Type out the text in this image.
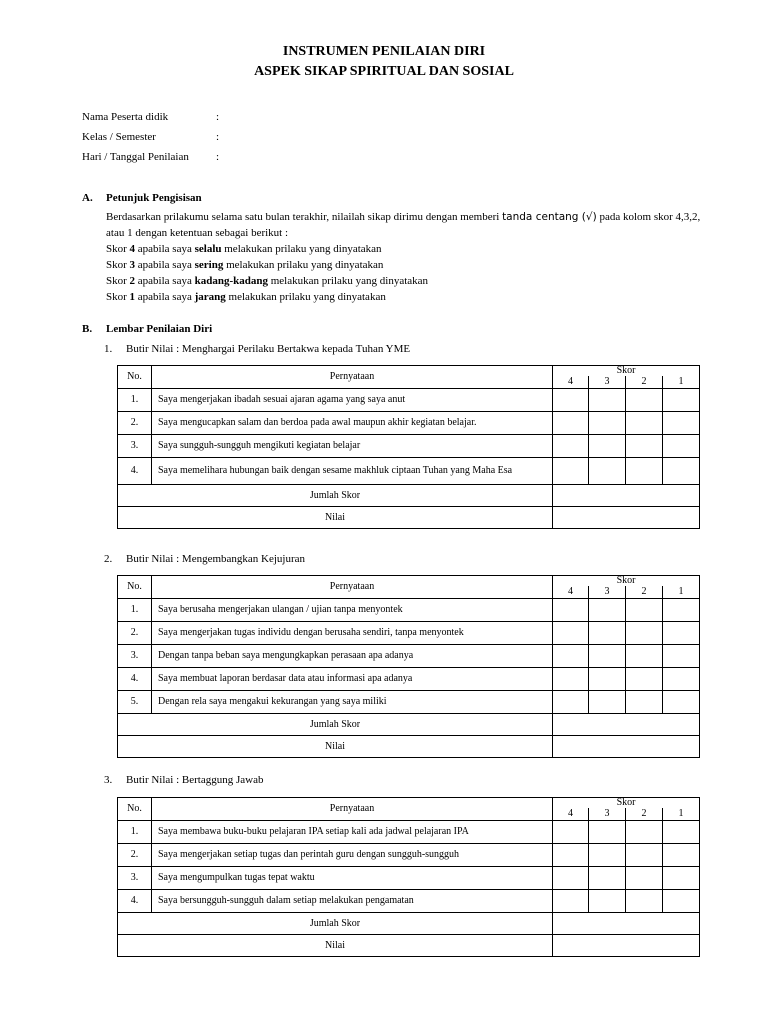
INSTRUMEN PENILAIAN DIRI
ASPEK SIKAP SPIRITUAL DAN SOSIAL
Nama Peserta didik	:
Kelas / Semester	:
Hari / Tanggal Penilaian :
A. Petunjuk Pengisisan
Berdasarkan prilakumu selama satu bulan terakhir, nilailah sikap dirimu dengan memberi tanda centang (√) pada kolom skor 4,3,2,
atau 1 dengan ketentuan sebagai berikut :
Skor 4 apabila saya selalu melakukan prilaku yang dinyatakan
Skor 3 apabila saya sering melakukan prilaku yang dinyatakan
Skor 2 apabila saya kadang-kadang melakukan prilaku yang dinyatakan
Skor 1 apabila saya jarang melakukan prilaku yang dinyatakan
B. Lembar Penilaian Diri
1. Butir Nilai : Menghargai Perilaku Bertakwa kepada Tuhan YME
No.	Pernyataan	Skor			
		4	3	2	1
1.	Saya mengerjakan ibadah sesuai ajaran agama yang saya anut				
2.	Saya mengucapkan salam dan berdoa pada awal maupun akhir kegiatan belajar.				
3.	Saya sungguh-sungguh mengikuti kegiatan belajar				
4.	Saya memelihara hubungan baik dengan sesame makhluk ciptaan Tuhan yang Maha Esa				
Jumlah Skor					
Nilai					
2. Butir Nilai : Mengembangkan Kejujuran
No.	Pernyataan	Skor			
		4	3	2	1
1.	Saya berusaha mengerjakan ulangan / ujian tanpa menyontek				
2.	Saya mengerjakan tugas individu dengan berusaha sendiri, tanpa menyontek				
3.	Dengan tanpa beban saya mengungkapkan perasaan apa adanya				
4.	Saya membuat laporan berdasar data atau informasi apa adanya				
5.	Dengan rela saya mengakui kekurangan yang saya miliki				
Jumlah Skor					
Nilai					
3. Butir Nilai : Bertaggung Jawab
No.	Pernyataan	Skor			
		4	3	2	1
1.	Saya membawa buku-buku pelajaran IPA setiap kali ada jadwal pelajaran IPA				
2.	Saya mengerjakan setiap tugas dan perintah guru dengan sungguh-sungguh				
3.	Saya mengumpulkan tugas tepat waktu				
4.	Saya bersungguh-sungguh dalam setiap melakukan pengamatan				
Jumlah Skor					
Nilai					
